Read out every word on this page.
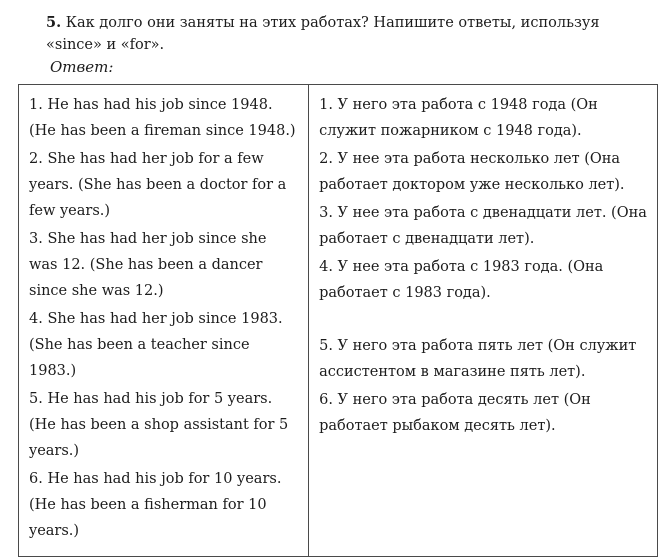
5. Как долго они заняты на этих работах? Напишите ответы, используя «since» и «for».
Ответ:
1. He has had his job since 1948. (He has been a fireman since 1948.)
2. She has had her job for a few years. (She has been a doctor for a few years.)
3. She has had her job since she was 12. (She has been a dancer since she was 12.)
4. She has had her job since 1983. (She has been a teacher since 1983.)
5. He has had his job for 5 years. (He has been a shop assistant for 5 years.)
6. He has had his job for 10 years. (He has been a fisherman for 10 years.)
1. У него эта работа с 1948 года (Он служит пожарником с 1948 года).
2. У нее эта работа несколько лет (Она работает доктором уже несколько лет).
3. У нее эта работа с двенадцати лет. (Она работает с двенадцати лет).
4. У нее эта работа с 1983 года. (Она работает с 1983 года).
5. У него эта работа пять лет (Он служит ассистентом в магазине пять лет).
6. У него эта работа десять лет (Он работает рыбаком десять лет).
